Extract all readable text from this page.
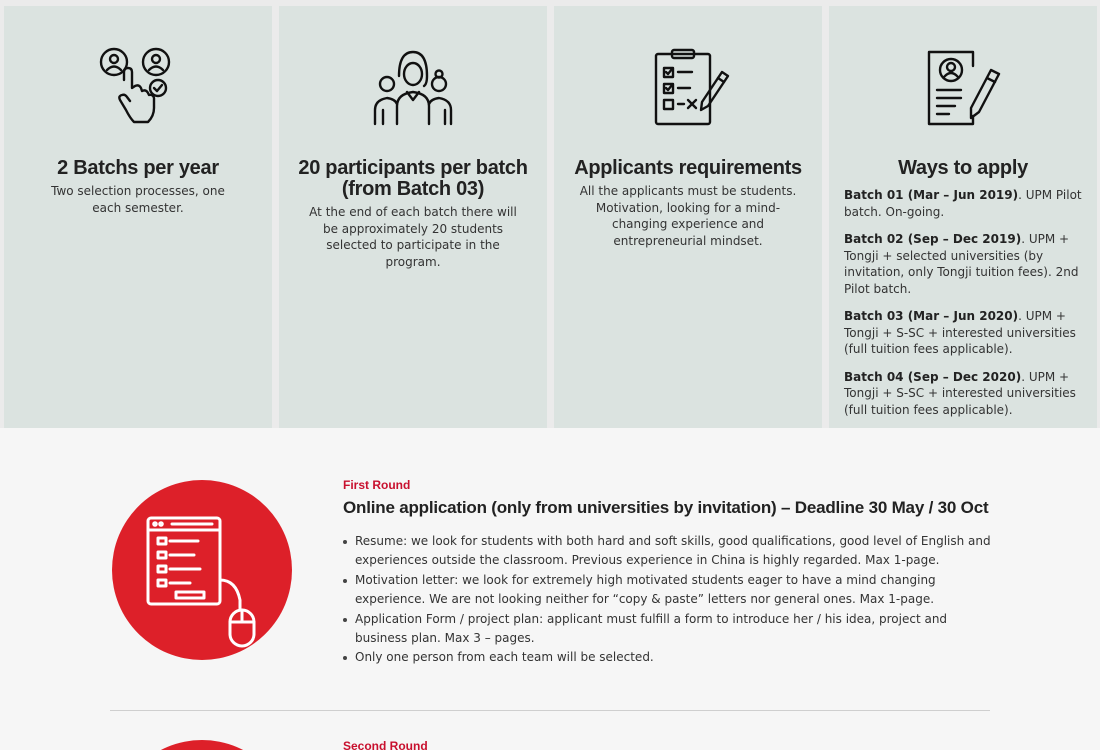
2 Batchs per year

Two selection processes, one each semester.

20 participants per batch (from Batch 03)

At the end of each batch there will be approximately 20 students selected to participate in the program.

Applicants requirements

All the applicants must be students. Motivation, looking for a mind-changing experience and entrepreneurial mindset.

Ways to apply

Batch 01 (Mar – Jun 2019). UPM Pilot batch. On-going.

Batch 02 (Sep – Dec 2019). UPM + Tongji + selected universities (by invitation, only Tongji tuition fees). 2nd Pilot batch.

Batch 03 (Mar – Jun 2020). UPM + Tongji + S-SC + interested universities (full tuition fees applicable).

Batch 04 (Sep – Dec 2020). UPM + Tongji + S-SC + interested universities (full tuition fees applicable).

First Round
Online application (only from universities by invitation) – Deadline 30 May / 30 Oct
Resume: we look for students with both hard and soft skills, good qualifications, good level of English and experiences outside the classroom. Previous experience in China is highly regarded. Max 1-page.
Motivation letter: we look for extremely high motivated students eager to have a mind changing experience. We are not looking neither for “copy & paste” letters nor general ones. Max 1-page.
Application Form / project plan: applicant must fulfill a form to introduce her / his idea, project and business plan. Max 3 – pages.
Only one person from each team will be selected.
Second Round
